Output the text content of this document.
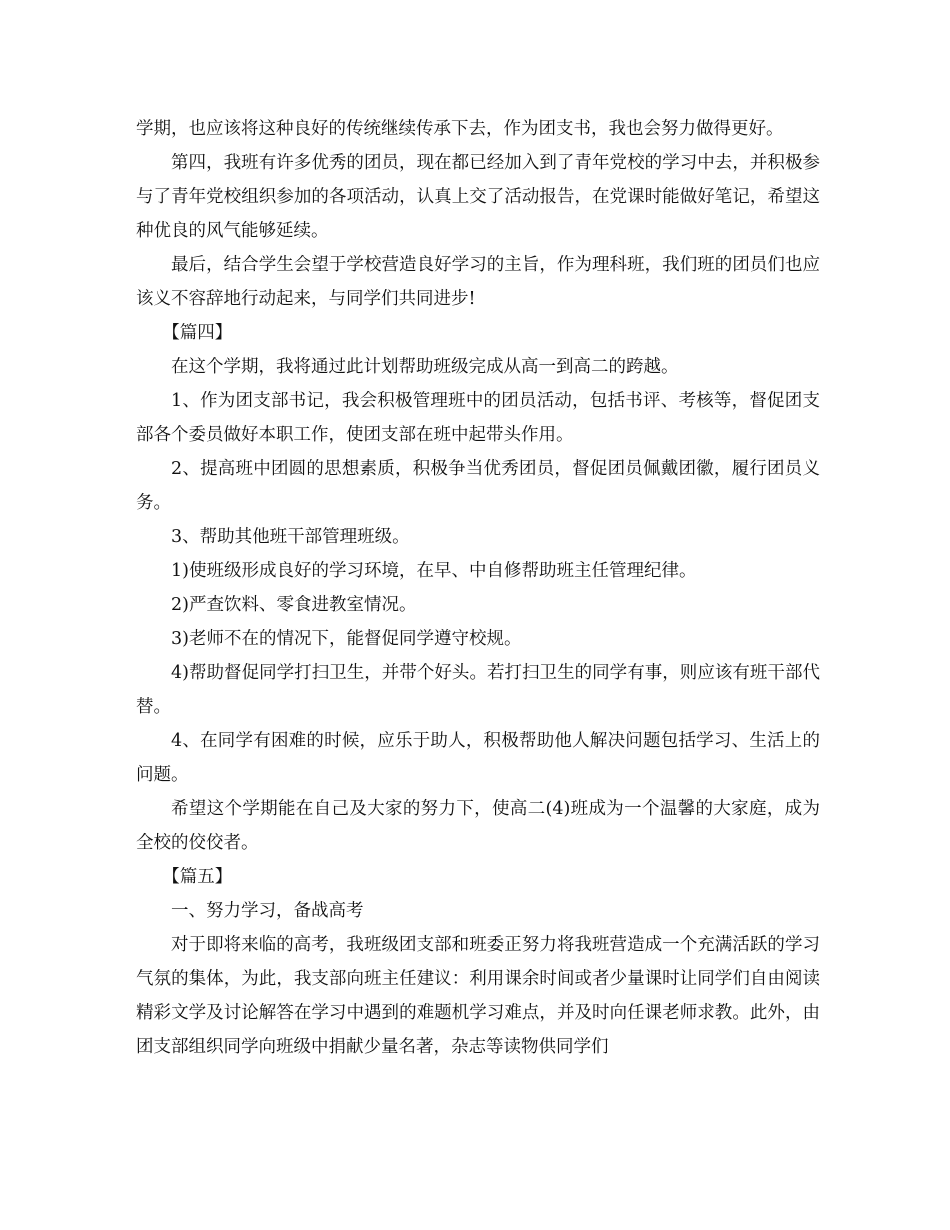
学期，也应该将这种良好的传统继续传承下去，作为团支书，我也会努力做得更好。

第四，我班有许多优秀的团员，现在都已经加入到了青年党校的学习中去，并积极参与了青年党校组织参加的各项活动，认真上交了活动报告，在党课时能做好笔记，希望这种优良的风气能够延续。

最后，结合学生会望于学校营造良好学习的主旨，作为理科班，我们班的团员们也应该义不容辞地行动起来，与同学们共同进步!

【篇四】

在这个学期，我将通过此计划帮助班级完成从高一到高二的跨越。

1、作为团支部书记，我会积极管理班中的团员活动，包括书评、考核等，督促团支部各个委员做好本职工作，使团支部在班中起带头作用。

2、提高班中团圆的思想素质，积极争当优秀团员，督促团员佩戴团徽，履行团员义务。

3、帮助其他班干部管理班级。

1)使班级形成良好的学习环境，在早、中自修帮助班主任管理纪律。

2)严查饮料、零食进教室情况。

3)老师不在的情况下，能督促同学遵守校规。

4)帮助督促同学打扫卫生，并带个好头。若打扫卫生的同学有事，则应该有班干部代替。

4、在同学有困难的时候，应乐于助人，积极帮助他人解决问题包括学习、生活上的问题。

希望这个学期能在自己及大家的努力下，使高二(4)班成为一个温馨的大家庭，成为全校的佼佼者。

【篇五】

一、努力学习，备战高考

对于即将来临的高考，我班级团支部和班委正努力将我班营造成一个充满活跃的学习气氛的集体，为此，我支部向班主任建议：利用课余时间或者少量课时让同学们自由阅读精彩文学及讨论解答在学习中遇到的难题机学习难点，并及时向任课老师求教。此外，由团支部组织同学向班级中捐献少量名著，杂志等读物供同学们
